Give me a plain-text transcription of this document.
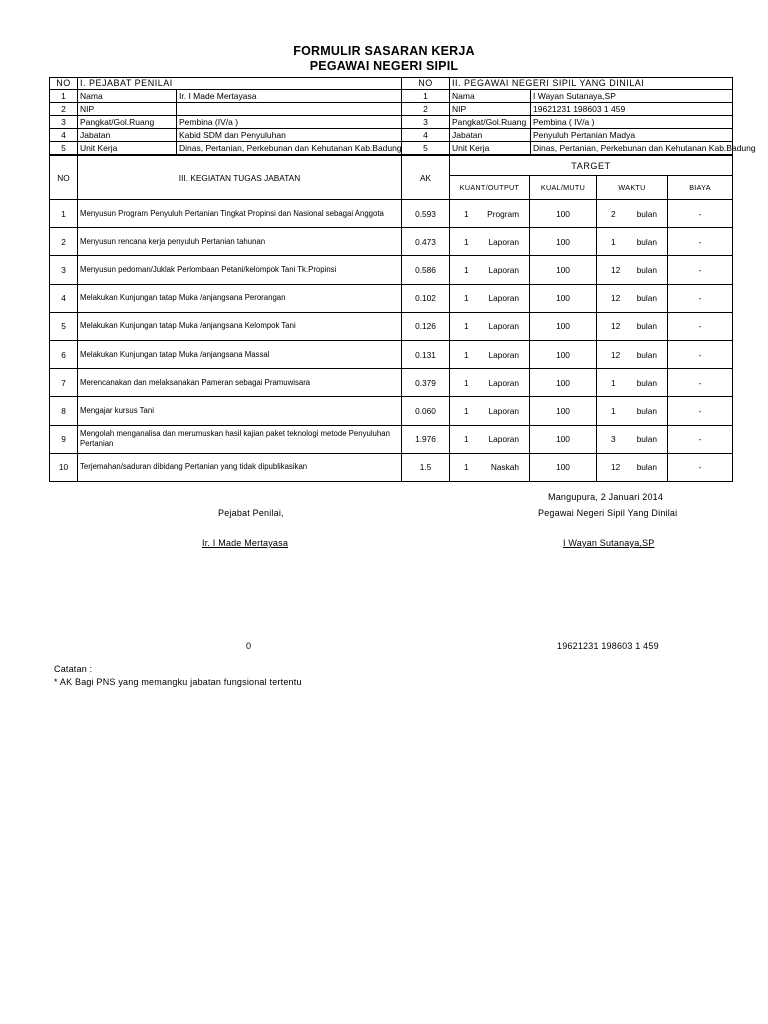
FORMULIR SASARAN KERJA
PEGAWAI NEGERI SIPIL
NO	I. PEJABAT PENILAI		NO	II. PEGAWAI NEGERI SIPIL YANG DINILAI	
1	Nama	Ir. I Made Mertayasa	1	Nama	I Wayan Sutanaya,SP
2	NIP		2	NIP	19621231 198603 1 459
3	Pangkat/Gol.Ruang	Pembina (IV/a )	3	Pangkat/Gol.Ruang	Pembina ( IV/a )
4	Jabatan	Kabid SDM dan Penyuluhan	4	Jabatan	Penyuluh Pertanian Madya
5	Unit Kerja	Dinas, Pertanian, Perkebunan dan Kehutanan Kab.Badung	5	Unit Kerja	Dinas, Pertanian, Perkebunan dan Kehutanan Kab.Badung
NO	III. KEGIATAN TUGAS JABATAN	AK	TARGET			
			KUANT/OUTPUT	KUAL/MUTU	WAKTU	BIAYA
1	Menyusun Program Penyuluh Pertanian Tingkat Propinsi dan Nasional sebagai Anggota	0.593	1 Program	100	2 bulan	-
2	Menyusun rencana kerja penyuluh Pertanian tahunan	0.473	1 Laporan	100	1 bulan	-
3	Menyusun pedoman/Juklak Perlombaan Petani/kelompok Tani Tk.Propinsi	0.586	1 Laporan	100	12 bulan	-
4	Melakukan Kunjungan tatap Muka /anjangsana Perorangan	0.102	1 Laporan	100	12 bulan	-
5	Melakukan Kunjungan tatap Muka /anjangsana Kelompok Tani	0.126	1 Laporan	100	12 bulan	-
6	Melakukan Kunjungan tatap Muka /anjangsana Massal	0.131	1 Laporan	100	12 bulan	-
7	Merencanakan dan melaksanakan Pameran sebagai Pramuwisara	0.379	1 Laporan	100	1 bulan	-
8	Mengajar kursus Tani	0.060	1 Laporan	100	1 bulan	-
9	Mengolah menganalisa dan merumuskan hasil kajian paket teknologi metode Penyuluhan Pertanian	1.976	1 Laporan	100	3 bulan	-
10	Terjemahan/saduran dibidang Pertanian yang tidak dipublikasikan	1.5	1 Naskah	100	12 bulan	-
Mangupura, 2 Januari 2014
Pejabat Penilai,	Pegawai Negeri Sipil Yang Dinilai
Ir. I Made Mertayasa	I Wayan Sutanaya,SP
0	19621231 198603 1 459
Catatan :
* AK Bagi PNS yang memangku jabatan fungsional tertentu
